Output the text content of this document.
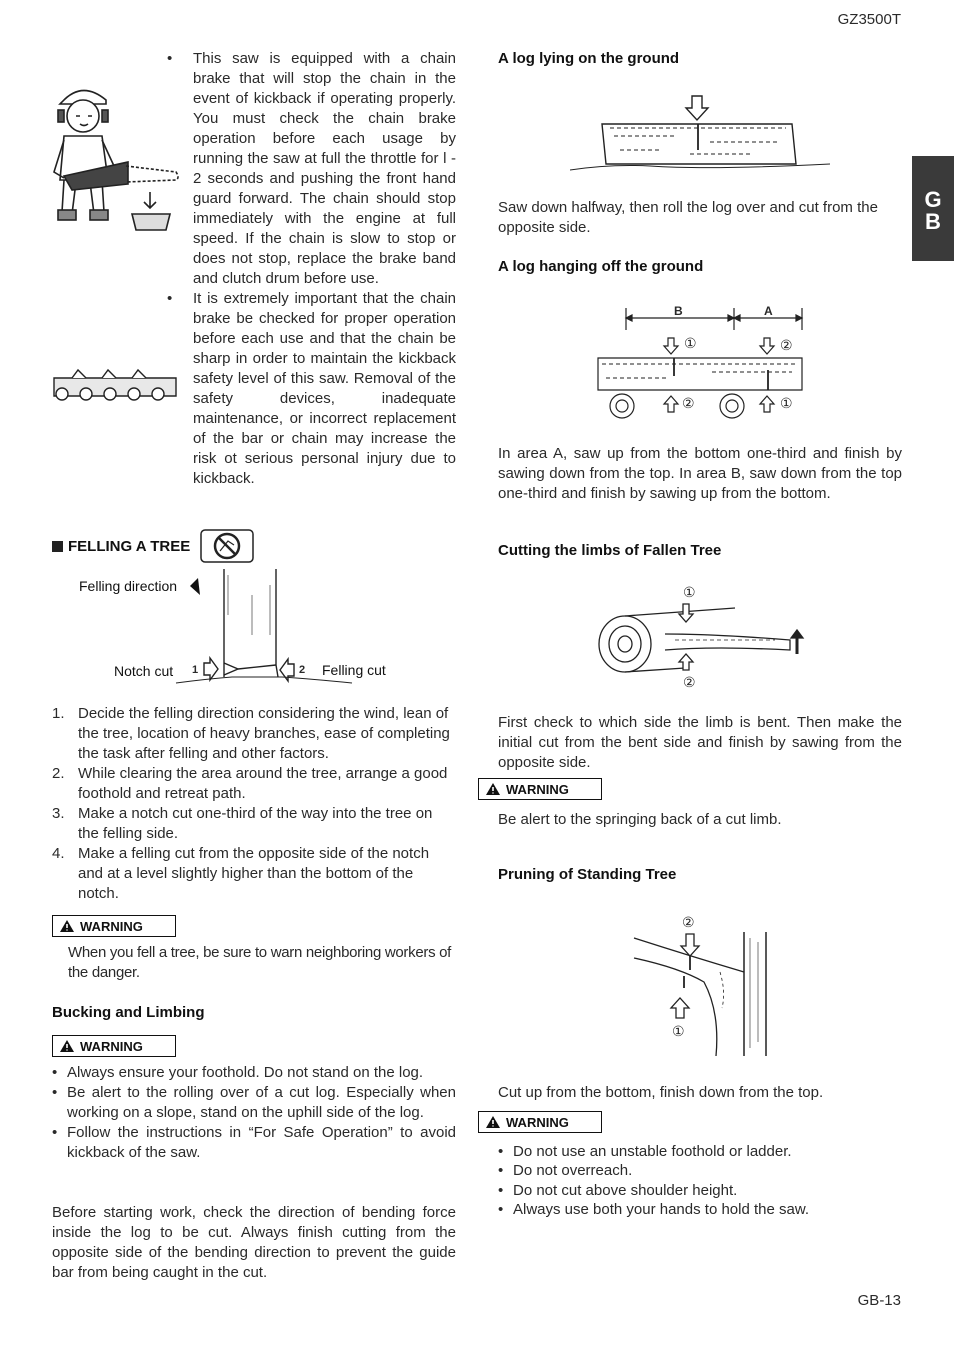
GZ3500T
G
B
GB-13
• This saw is equipped with a chain brake that will stop the chain in the event of kickback if operating properly. You must check the chain brake operation before each usage by running the saw at full the throttle for l - 2 seconds and pushing the front hand guard forward. The chain should stop immediately with the engine at full speed. If the chain is slow to stop or does not stop, replace the brake band and clutch drum before use.
• It is extremely important that the chain brake be checked for proper operation before each use and that the chain be sharp in order to maintain the kickback safety level of this saw. Removal of the safety devices, inadequate maintenance, or incorrect replacement of the bar or chain may increase the risk ot serious personal injury due to kickback.
FELLING A TREE
Felling direction
Notch cut	Felling cut
1	2
1. Decide the felling direction considering the wind, lean of the tree, location of heavy branches, ease of completing the task after felling and other factors.
2. While clearing the area around the tree, arrange a good foothold and retreat path.
3. Make a notch cut one-third of the way into the tree on the felling side.
4. Make a felling cut from the opposite side of the notch and at a level slightly higher than the bottom of the notch.
WARNING
When you fell a tree, be sure to warn neighboring workers of the danger.
Bucking and Limbing
WARNING
• Always ensure your foothold. Do not stand on the log.
• Be alert to the rolling over of a cut log. Especially when working on a slope, stand on the uphill side of the log.
• Follow the instructions in “For Safe Operation” to avoid kickback of the saw.
Before starting work, check the direction of bending force inside the log to be cut. Always finish cutting from the opposite side of the bending direction to prevent the guide bar from being caught in the cut.
A log lying on the ground
Saw down halfway, then roll the log over and cut from the opposite side.
A log hanging off the ground
B	A
①	②
②	①
In area A, saw up from the bottom one-third and finish by sawing down from the top. In area B, saw down from the top one-third and finish by sawing up from the bottom.
Cutting the limbs of Fallen Tree
①
②
First check to which side the limb is bent. Then make the initial cut from the bent side and finish by sawing from the opposite side.
WARNING
Be alert to the springing back of a cut limb.
Pruning of Standing Tree
②
①
Cut up from the bottom, finish down from the top.
WARNING
• Do not use an unstable foothold or ladder.
• Do not overreach.
• Do not cut above shoulder height.
• Always use both your hands to hold the saw.
